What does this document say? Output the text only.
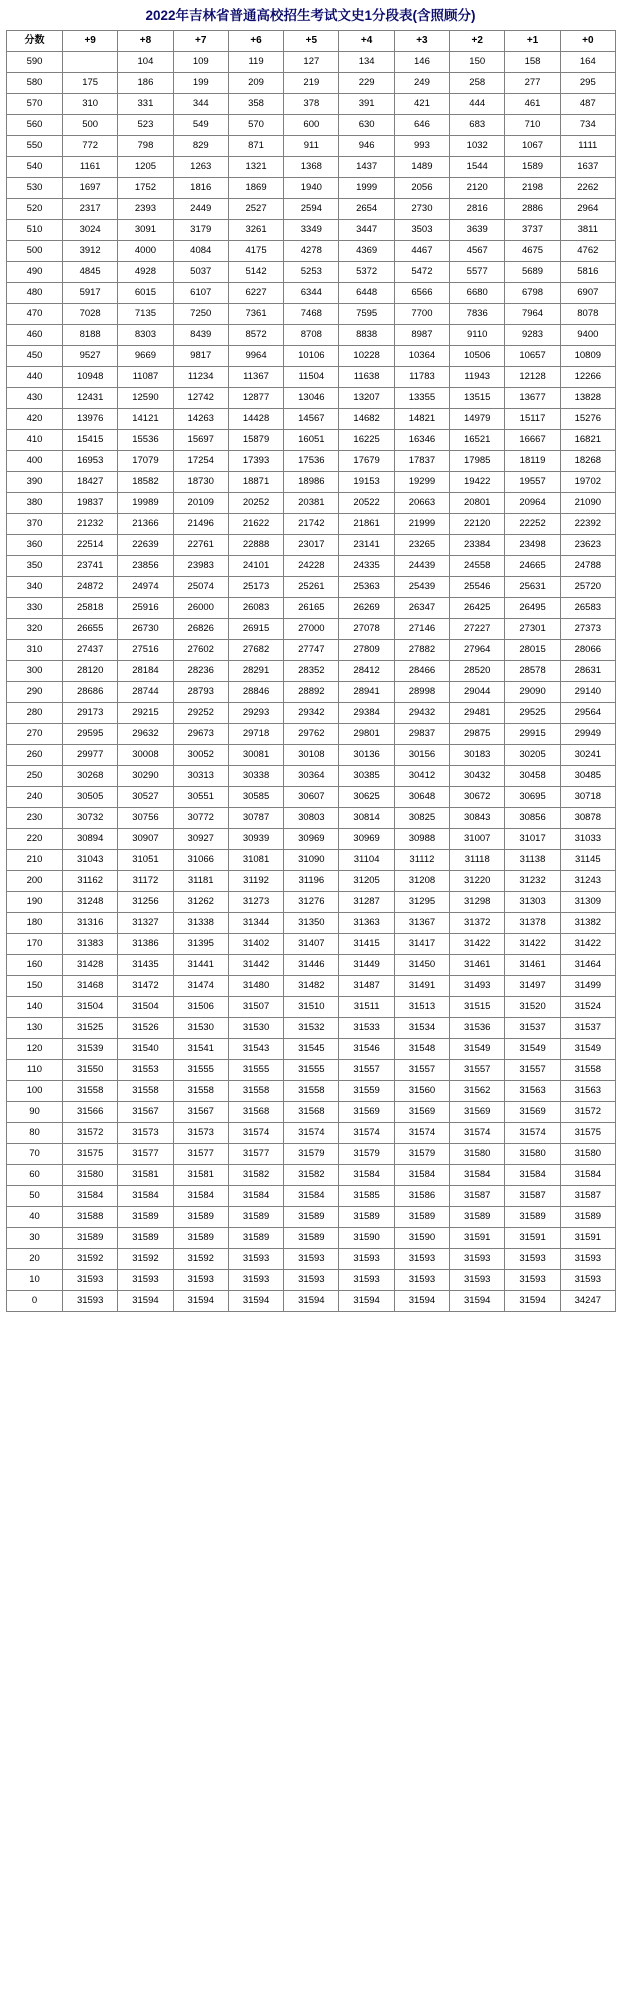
2022年吉林省普通高校招生考试文史1分段表(含照顾分)
分数	+9	+8	+7	+6	+5	+4	+3	+2	+1	+0
590		104	109	119	127	134	146	150	158	164
580	175	186	199	209	219	229	249	258	277	295
570	310	331	344	358	378	391	421	444	461	487
560	500	523	549	570	600	630	646	683	710	734
550	772	798	829	871	911	946	993	1032	1067	1111
540	1161	1205	1263	1321	1368	1437	1489	1544	1589	1637
530	1697	1752	1816	1869	1940	1999	2056	2120	2198	2262
520	2317	2393	2449	2527	2594	2654	2730	2816	2886	2964
510	3024	3091	3179	3261	3349	3447	3503	3639	3737	3811
500	3912	4000	4084	4175	4278	4369	4467	4567	4675	4762
490	4845	4928	5037	5142	5253	5372	5472	5577	5689	5816
480	5917	6015	6107	6227	6344	6448	6566	6680	6798	6907
470	7028	7135	7250	7361	7468	7595	7700	7836	7964	8078
460	8188	8303	8439	8572	8708	8838	8987	9110	9283	9400
450	9527	9669	9817	9964	10106	10228	10364	10506	10657	10809
440	10948	11087	11234	11367	11504	11638	11783	11943	12128	12266
430	12431	12590	12742	12877	13046	13207	13355	13515	13677	13828
420	13976	14121	14263	14428	14567	14682	14821	14979	15117	15276
410	15415	15536	15697	15879	16051	16225	16346	16521	16667	16821
400	16953	17079	17254	17393	17536	17679	17837	17985	18119	18268
390	18427	18582	18730	18871	18986	19153	19299	19422	19557	19702
380	19837	19989	20109	20252	20381	20522	20663	20801	20964	21090
370	21232	21366	21496	21622	21742	21861	21999	22120	22252	22392
360	22514	22639	22761	22888	23017	23141	23265	23384	23498	23623
350	23741	23856	23983	24101	24228	24335	24439	24558	24665	24788
340	24872	24974	25074	25173	25261	25363	25439	25546	25631	25720
330	25818	25916	26000	26083	26165	26269	26347	26425	26495	26583
320	26655	26730	26826	26915	27000	27078	27146	27227	27301	27373
310	27437	27516	27602	27682	27747	27809	27882	27964	28015	28066
300	28120	28184	28236	28291	28352	28412	28466	28520	28578	28631
290	28686	28744	28793	28846	28892	28941	28998	29044	29090	29140
280	29173	29215	29252	29293	29342	29384	29432	29481	29525	29564
270	29595	29632	29673	29718	29762	29801	29837	29875	29915	29949
260	29977	30008	30052	30081	30108	30136	30156	30183	30205	30241
250	30268	30290	30313	30338	30364	30385	30412	30432	30458	30485
240	30505	30527	30551	30585	30607	30625	30648	30672	30695	30718
230	30732	30756	30772	30787	30803	30814	30825	30843	30856	30878
220	30894	30907	30927	30939	30969	30969	30988	31007	31017	31033
210	31043	31051	31066	31081	31090	31104	31112	31118	31138	31145
200	31162	31172	31181	31192	31196	31205	31208	31220	31232	31243
190	31248	31256	31262	31273	31276	31287	31295	31298	31303	31309
180	31316	31327	31338	31344	31350	31363	31367	31372	31378	31382
170	31383	31386	31395	31402	31407	31415	31417	31422	31422	31422
160	31428	31435	31441	31442	31446	31449	31450	31461	31461	31464
150	31468	31472	31474	31480	31482	31487	31491	31493	31497	31499
140	31504	31504	31506	31507	31510	31511	31513	31515	31520	31524
130	31525	31526	31530	31530	31532	31533	31534	31536	31537	31537
120	31539	31540	31541	31543	31545	31546	31548	31549	31549	31549
110	31550	31553	31555	31555	31555	31557	31557	31557	31557	31558
100	31558	31558	31558	31558	31558	31559	31560	31562	31563	31563
90	31566	31567	31567	31568	31568	31569	31569	31569	31569	31572
80	31572	31573	31573	31574	31574	31574	31574	31574	31574	31575
70	31575	31577	31577	31577	31579	31579	31579	31580	31580	31580
60	31580	31581	31581	31582	31582	31584	31584	31584	31584	31584
50	31584	31584	31584	31584	31584	31585	31586	31587	31587	31587
40	31588	31589	31589	31589	31589	31589	31589	31589	31589	31589
30	31589	31589	31589	31589	31589	31590	31590	31591	31591	31591
20	31592	31592	31592	31593	31593	31593	31593	31593	31593	31593
10	31593	31593	31593	31593	31593	31593	31593	31593	31593	31593
0	31593	31594	31594	31594	31594	31594	31594	31594	31594	34247
